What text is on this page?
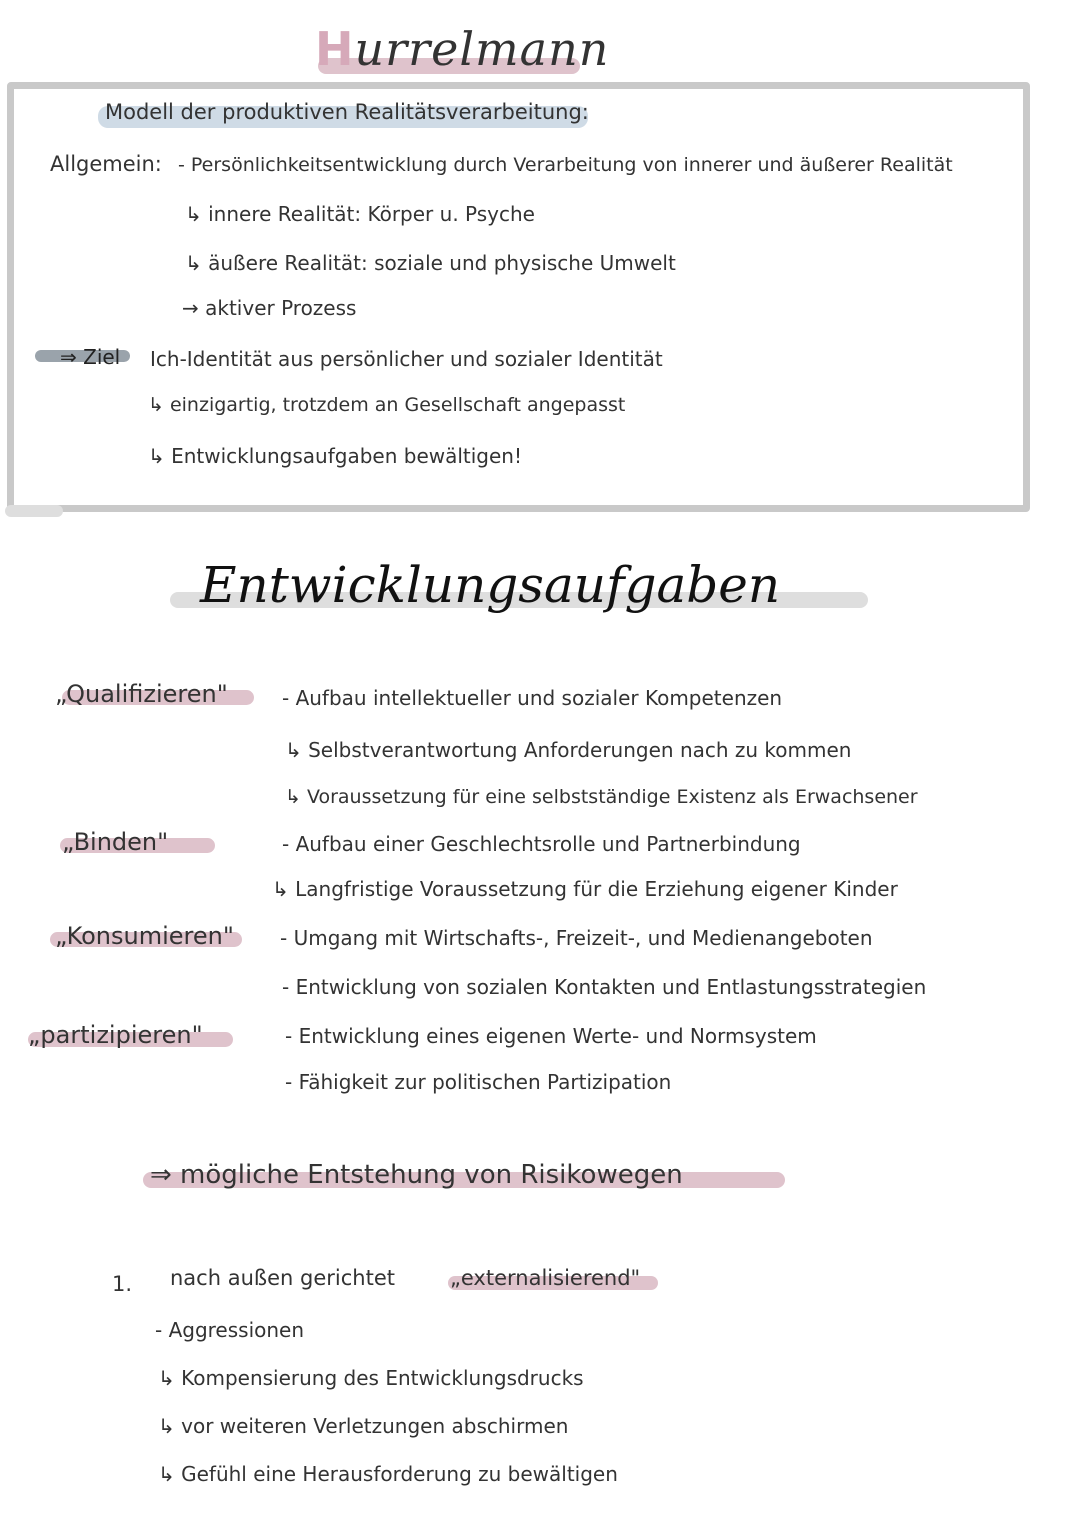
Hurrelmann
Modell der produktiven Realitätsverarbeitung:
Allgemein: - Persönlichkeitsentwicklung durch Verarbeitung von innerer und äußerer Realität
↳ innere Realität: Körper u. Psyche
↳ äußere Realität: soziale und physische Umwelt
→ aktiver Prozess
⇒ Ziel Ich-Identität aus persönlicher und sozialer Identität
↳ einzigartig, trotzdem an Gesellschaft angepasst
↳ Entwicklungsaufgaben bewältigen!
Entwicklungsaufgaben
„Qualifizieren"	- Aufbau intellektueller und sozialer Kompetenzen
↳ Selbstverantwortung Anforderungen nach zu kommen
↳ Voraussetzung für eine selbstständige Existenz als Erwachsener
„Binden"	- Aufbau einer Geschlechtsrolle und Partnerbindung
↳ Langfristige Voraussetzung für die Erziehung eigener Kinder
„Konsumieren" - Umgang mit Wirtschafts-, Freizeit-, und Medienangeboten
- Entwicklung von sozialen Kontakten und Entlastungsstrategien
„partizipieren"	- Entwicklung eines eigenen Werte- und Normsystem
- Fähigkeit zur politischen Partizipation
⇒ mögliche Entstehung von Risikowegen
1. nach außen gerichtet	„externalisierend"
- Aggressionen
↳ Kompensierung des Entwicklungsdrucks
↳ vor weiteren Verletzungen abschirmen
↳ Gefühl eine Herausforderung zu bewältigen
